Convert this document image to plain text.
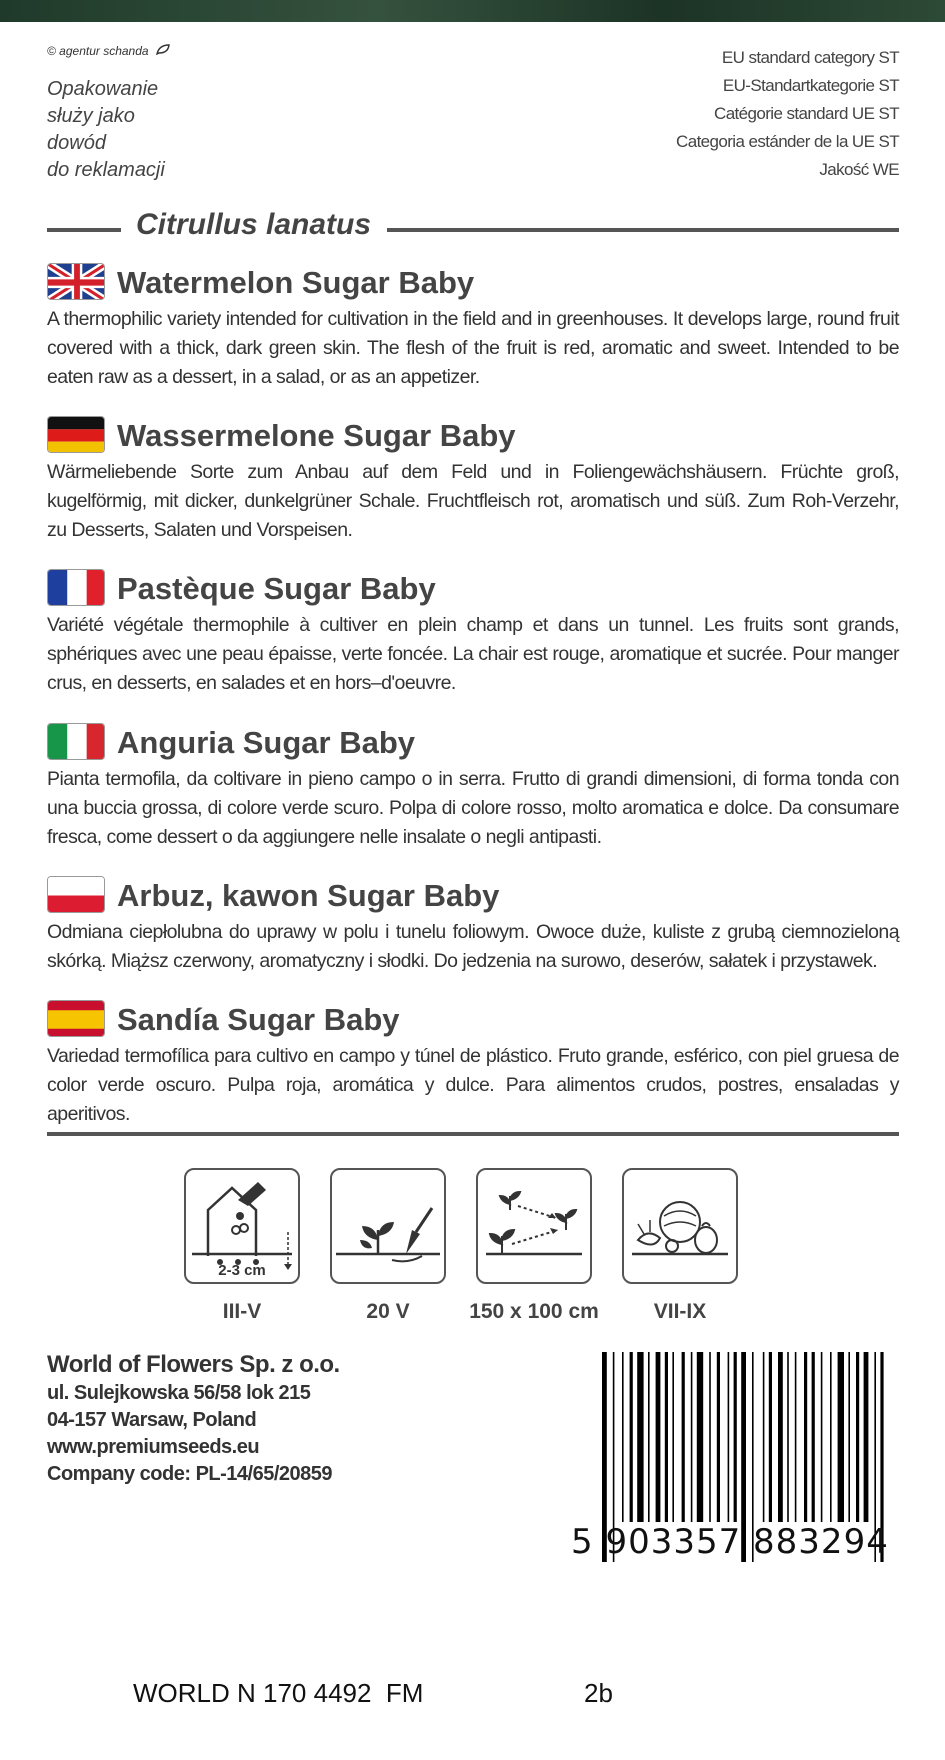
© agentur schanda
Opakowanie
służy jako
dowód
do reklamacji
EU standard category ST
EU-Standartkategorie ST
Catégorie standard UE ST
Categoria estánder de la UE ST
Jakość WE
Citrullus lanatus
Watermelon Sugar Baby
A thermophilic variety intended for cultivation in the field and in greenhouses. It develops large, round fruit covered with a thick, dark green skin. The flesh of the fruit is red, aromatic and sweet. Intended to be eaten raw as a dessert, in a salad, or as an appetizer.
Wassermelone Sugar Baby
Wärmeliebende Sorte zum Anbau auf dem Feld und in Foliengewächshäusern. Früchte groß, kugelförmig, mit dicker, dunkelgrüner Schale. Fruchtfleisch rot, aromatisch und süß. Zum Roh-Verzehr, zu Desserts, Salaten und Vorspeisen.
Pastèque Sugar Baby
Variété végétale thermophile à cultiver en plein champ et dans un tunnel. Les fruits sont grands, sphériques avec une peau épaisse, verte foncée. La chair est rouge, aromatique et sucrée. Pour manger crus, en desserts, en salades et en hors–d'oeuvre.
Anguria Sugar Baby
Pianta termofila, da coltivare in pieno campo o in serra. Frutto di grandi dimensioni, di forma tonda con una buccia grossa, di colore verde scuro. Polpa di colore rosso, molto aromatica e dolce. Da consumare fresca, come dessert o da aggiungere nelle insalate o negli antipasti.
Arbuz, kawon Sugar Baby
Odmiana ciepłolubna do uprawy w polu i tunelu foliowym. Owoce duże, kuliste z grubą ciemnozieloną skórką. Miąższ czerwony, aromatyczny i słodki. Do jedzenia na surowo, deserów, sałatek i przystawek.
Sandía Sugar Baby
Variedad termofílica para cultivo en campo y túnel de plástico. Fruto grande, esférico, con piel gruesa de color verde oscuro. Pulpa roja, aromática y dulce. Para alimentos crudos, postres, ensaladas y aperitivos.
2-3 cm
III-V	20 V	150 x 100 cm	VII-IX
World of Flowers Sp. z o.o.
ul. Sulejkowska 56/58 lok 215
04-157 Warsaw, Poland
www.premiumseeds.eu
Company code: PL-14/65/20859
5 903357 883294
WORLD N 170 4492  FM	2b
